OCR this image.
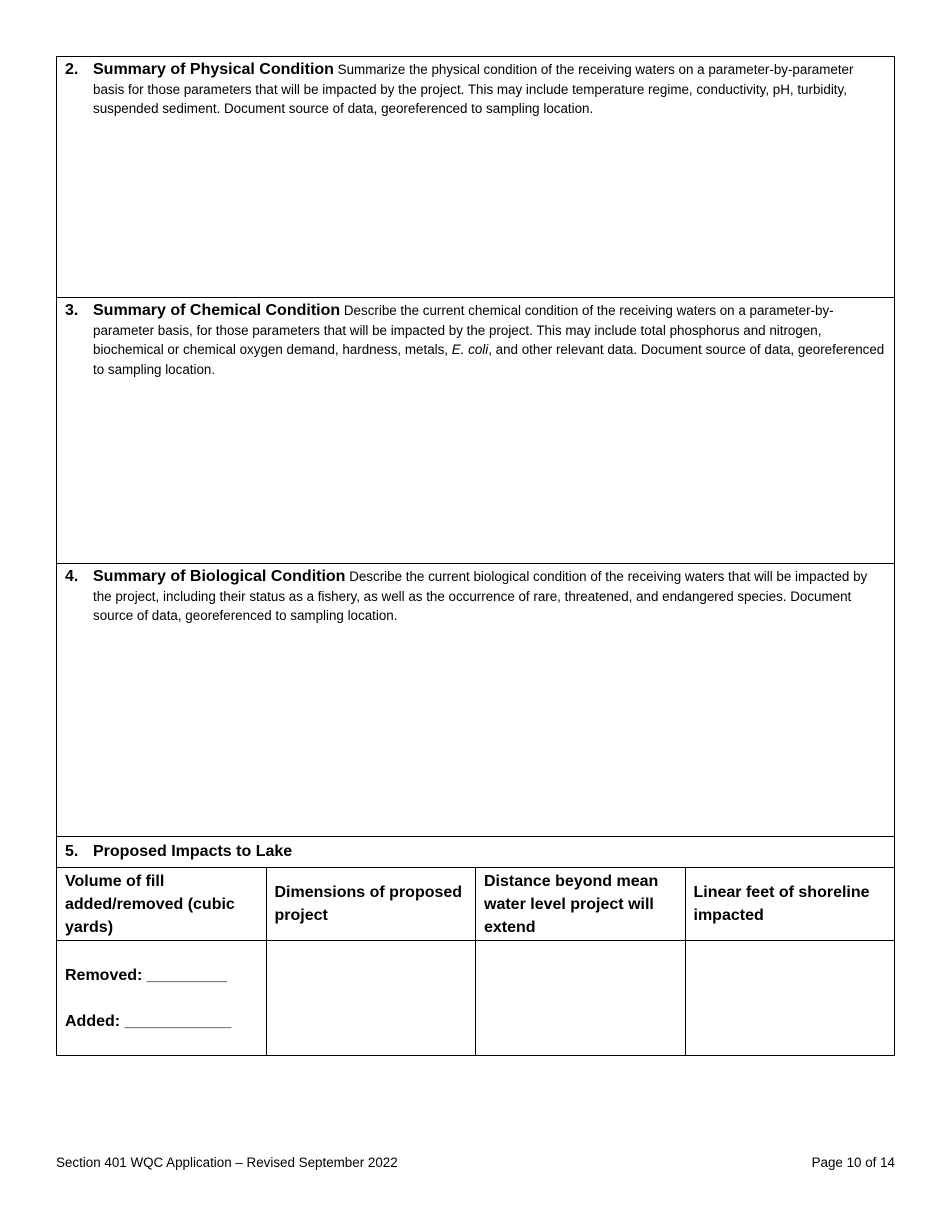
2. Summary of Physical Condition Summarize the physical condition of the receiving waters on a parameter-by-parameter basis for those parameters that will be impacted by the project. This may include temperature regime, conductivity, pH, turbidity, suspended sediment. Document source of data, georeferenced to sampling location.
3. Summary of Chemical Condition Describe the current chemical condition of the receiving waters on a parameter-by-parameter basis, for those parameters that will be impacted by the project. This may include total phosphorus and nitrogen, biochemical or chemical oxygen demand, hardness, metals, E. coli, and other relevant data. Document source of data, georeferenced to sampling location.
4. Summary of Biological Condition Describe the current biological condition of the receiving waters that will be impacted by the project, including their status as a fishery, as well as the occurrence of rare, threatened, and endangered species. Document source of data, georeferenced to sampling location.
5. Proposed Impacts to Lake
Volume of fill added/removed (cubic yards)	Dimensions of proposed project	Distance beyond mean water level project will extend	Linear feet of shoreline impacted

Removed: _________
Added: ____________			

Section 401 WQC Application – Revised September 2022	Page 10 of 14
